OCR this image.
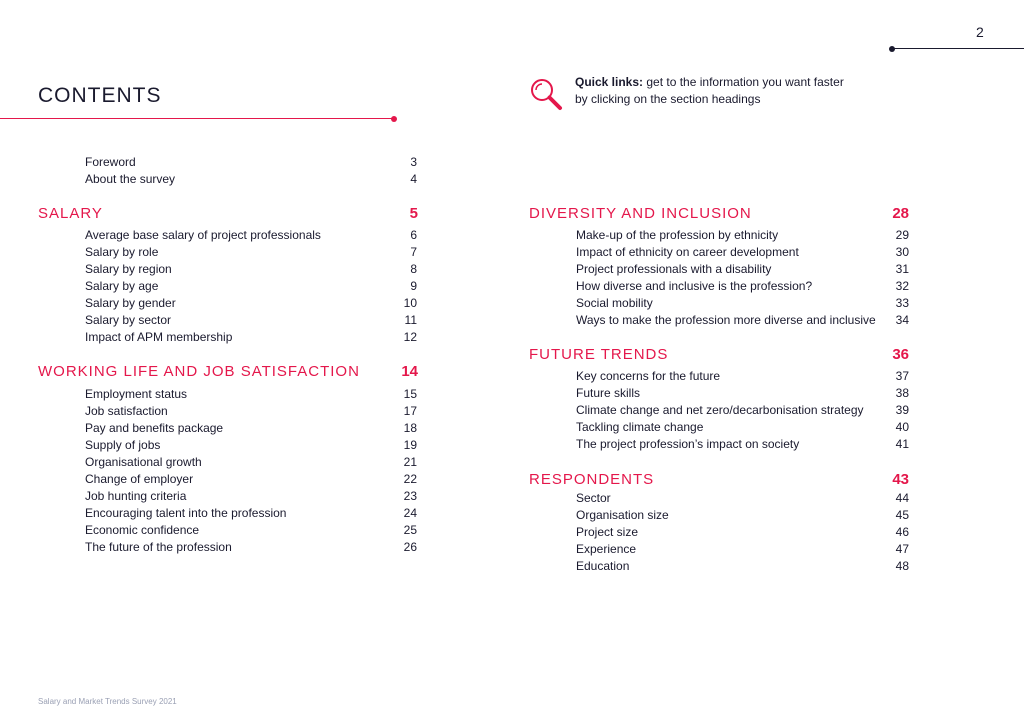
2
CONTENTS
Quick links: get to the information you want faster by clicking on the section headings
Foreword	3
About the survey	4
SALARY	5
Average base salary of project professionals	6
Salary by role	7
Salary by region	8
Salary by age	9
Salary by gender	10
Salary by sector	11
Impact of APM membership	12
WORKING LIFE AND JOB SATISFACTION	14
Employment status	15
Job satisfaction	17
Pay and benefits package	18
Supply of jobs	19
Organisational growth	21
Change of employer	22
Job hunting criteria	23
Encouraging talent into the profession	24
Economic confidence	25
The future of the profession	26
DIVERSITY AND INCLUSION	28
Make-up of the profession by ethnicity	29
Impact of ethnicity on career development	30
Project professionals with a disability	31
How diverse and inclusive is the profession?	32
Social mobility	33
Ways to make the profession more diverse and inclusive 34
FUTURE TRENDS	36
Key concerns for the future	37
Future skills	38
Climate change and net zero/decarbonisation strategy	39
Tackling climate change	40
The project profession’s impact on society	41
RESPONDENTS	43
Sector	44
Organisation size	45
Project size	46
Experience	47
Education	48
Salary and Market Trends Survey 2021
